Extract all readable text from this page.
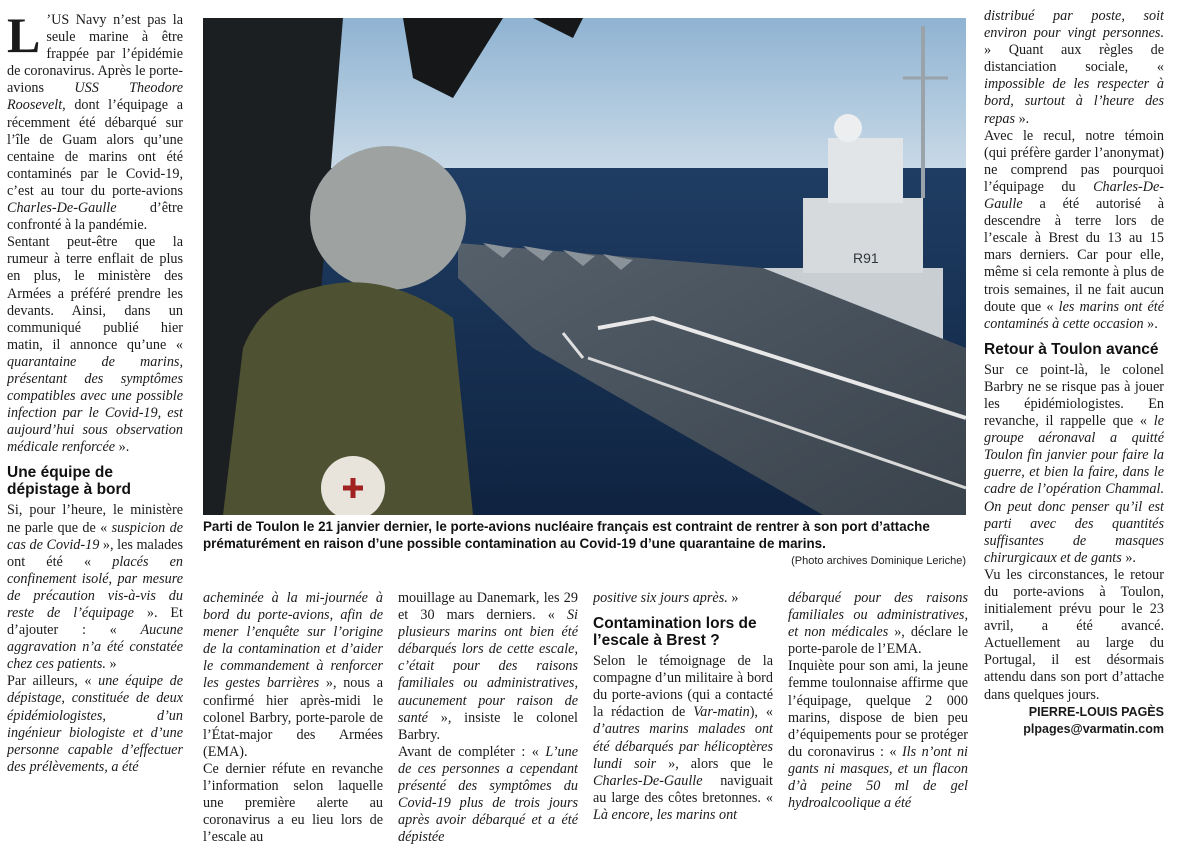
L ’US Navy n’est pas la seule marine à être frappée par l’épidémie de coronavirus. Après le porte-avions USS Theodore Roosevelt, dont l’équipage a récemment été débarqué sur l’île de Guam alors qu’une centaine de marins ont été contaminés par le Covid-19, c’est au tour du porte-avions Charles-De-Gaulle d’être confronté à la pandémie.

Sentant peut-être que la rumeur à terre enflait de plus en plus, le ministère des Armées a préféré prendre les devants. Ainsi, dans un communiqué publié hier matin, il annonce qu’une « quarantaine de marins, présentant des symptômes compatibles avec une possible infection par le Covid-19, est aujourd’hui sous observation médicale renforcée ».

Une équipe de dépistage à bord

Si, pour l’heure, le ministère ne parle que de « suspicion de cas de Covid-19 », les malades ont été « placés en confinement isolé, par mesure de précaution vis-à-vis du reste de l’équipage ». Et d’ajouter : « Aucune aggravation n’a été constatée chez ces patients. »

Par ailleurs, « une équipe de dépistage, constituée de deux épidémiologistes, d’un ingénieur biologiste et d’une personne capable d’effectuer des prélèvements, a été

R91
Parti de Toulon le 21 janvier dernier, le porte-avions nucléaire français est contraint de rentrer à son port d’attache prématurément en raison d’une possible contamination au Covid-19 d’une quarantaine de marins.
(Photo archives Dominique Leriche)

acheminée à la mi-journée à bord du porte-avions, afin de mener l’enquête sur l’origine de la contamination et d’aider le commandement à renforcer les gestes barrières », nous a confirmé hier après-midi le colonel Barbry, porte-parole de l’État-major des Armées (EMA).

Ce dernier réfute en revanche l’information selon laquelle une première alerte au coronavirus a eu lieu lors de l’escale au

mouillage au Danemark, les 29 et 30 mars derniers. « Si plusieurs marins ont bien été débarqués lors de cette escale, c’était pour des raisons familiales ou administratives, aucunement pour raison de santé », insiste le colonel Barbry.

Avant de compléter : « L’une de ces personnes a cependant présenté des symptômes du Covid-19 plus de trois jours après avoir débarqué et a été dépistée

positive six jours après. »

Contamination lors de l’escale à Brest ?

Selon le témoignage de la compagne d’un militaire à bord du porte-avions (qui a contacté la rédaction de Var-matin), « d’autres marins malades ont été débarqués par hélicoptères lundi soir », alors que le Charles-De-Gaulle naviguait au large des côtes bretonnes. « Là encore, les marins ont

débarqué pour des raisons familiales ou administratives, et non médicales », déclare le porte-parole de l’EMA.

Inquiète pour son ami, la jeune femme toulonnaise affirme que l’équipage, quelque 2 000 marins, dispose de bien peu d’équipements pour se protéger du coronavirus : « Ils n’ont ni gants ni masques, et un flacon d’à peine 50 ml de gel hydroalcoolique a été

distribué par poste, soit environ pour vingt personnes. » Quant aux règles de distanciation sociale, « impossible de les respecter à bord, surtout à l’heure des repas ».

Avec le recul, notre témoin (qui préfère garder l’anonymat) ne comprend pas pourquoi l’équipage du Charles-De-Gaulle a été autorisé à descendre à terre lors de l’escale à Brest du 13 au 15 mars derniers. Car pour elle, même si cela remonte à plus de trois semaines, il ne fait aucun doute que « les marins ont été contaminés à cette occasion ».

Retour à Toulon avancé

Sur ce point-là, le colonel Barbry ne se risque pas à jouer les épidémiologistes. En revanche, il rappelle que « le groupe aéronaval a quitté Toulon fin janvier pour faire la guerre, et bien la faire, dans le cadre de l’opération Chammal. On peut donc penser qu’il est parti avec des quantités suffisantes de masques chirurgicaux et de gants ».

Vu les circonstances, le retour du porte-avions à Toulon, initialement prévu pour le 23 avril, a été avancé. Actuellement au large du Portugal, il est désormais attendu dans son port d’attache dans quelques jours.

PIERRE-LOUIS PAGÈS
plpages@varmatin.com
